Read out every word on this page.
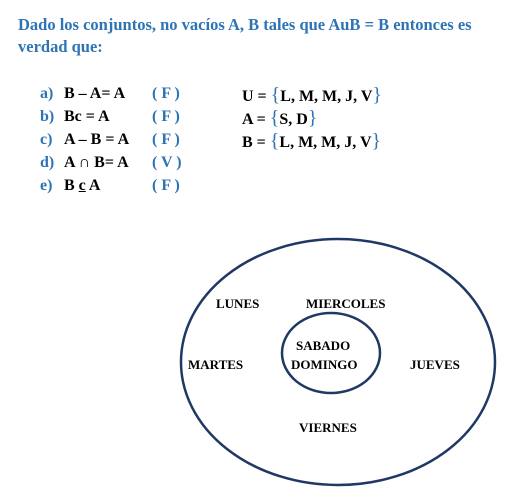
Dado los conjuntos, no vacíos A, B tales que AuB = B entonces es verdad que:
a) B – A= A ( F )
b) Bc = A	( F )
c) A – B = A ( F )
d) A ∩ B= A ( V )
e) B c A	( F )
U = {L, M, M, J, V}
A = {S, D}
B = {L, M, M, J, V}
LUNES	MIERCOLES
MARTES	JUEVES
VIERNES
SABADO
DOMINGO
